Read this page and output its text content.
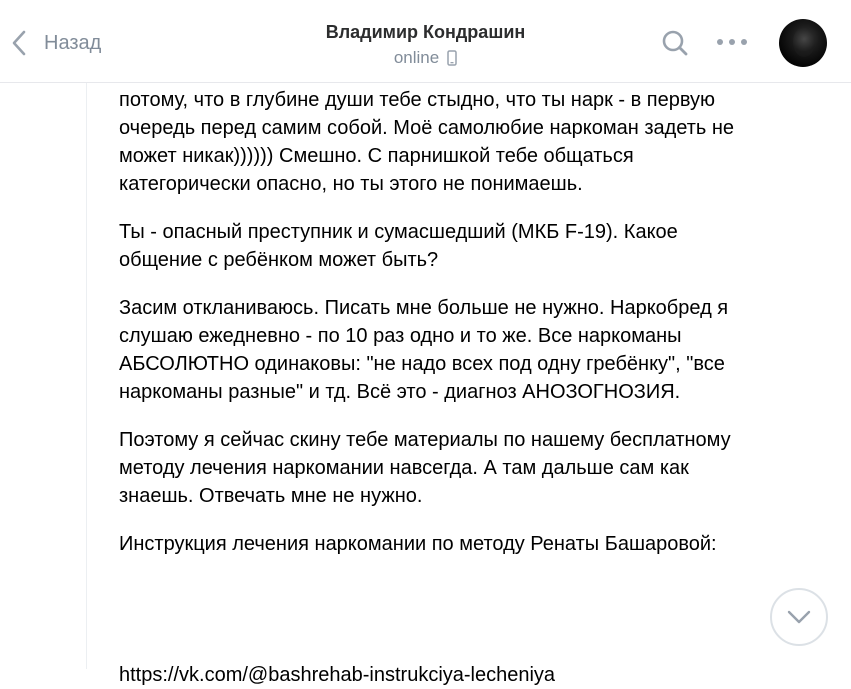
Назад	Владимир Кондрашин
online

потому, что в глубине души тебе стыдно, что ты нарк - в первую очередь перед самим собой. Моё самолюбие наркоман задеть не может никак)))))) Смешно. С парнишкой тебе общаться категорически опасно, но ты этого не понимаешь.

Ты - опасный преступник и сумасшедший (МКБ F-19). Какое общение с ребёнком может быть?

Засим откланиваюсь. Писать мне больше не нужно. Наркобред я слушаю ежедневно - по 10 раз одно и то же. Все наркоманы АБСОЛЮТНО одинаковы: "не надо всех под одну гребёнку", "все наркоманы разные" и тд. Всё это - диагноз АНОЗОГНОЗИЯ.

Поэтому я сейчас скину тебе материалы по нашему бесплатному методу лечения наркомании навсегда. А там дальше сам как знаешь. Отвечать мне не нужно.

Инструкция лечения наркомании по методу Ренаты Башаровой:

https://vk.com/@bashrehab-instrukciya-lecheniya
